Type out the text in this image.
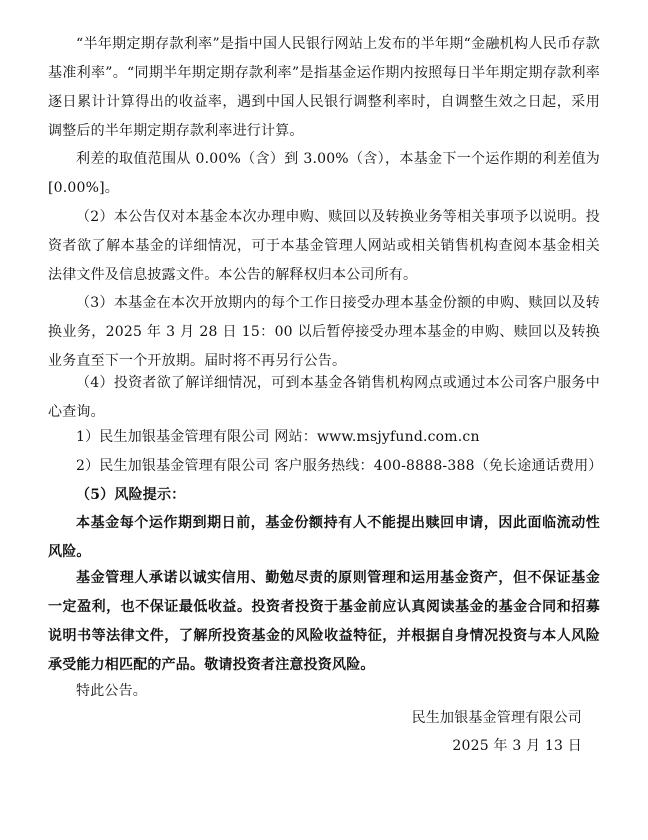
“半年期定期存款利率”是指中国人民银行网站上发布的半年期“金融机构人民币存款基准利率”。“同期半年期定期存款利率”是指基金运作期内按照每日半年期定期存款利率逐日累计计算得出的收益率，遇到中国人民银行调整利率时，自调整生效之日起，采用调整后的半年期定期存款利率进行计算。

利差的取值范围从 0.00%（含）到 3.00%（含），本基金下一个运作期的利差值为[0.00%]。

（2）本公告仅对本基金本次办理申购、赎回以及转换业务等相关事项予以说明。投资者欲了解本基金的详细情况，可于本基金管理人网站或相关销售机构查阅本基金相关法律文件及信息披露文件。本公告的解释权归本公司所有。

（3）本基金在本次开放期内的每个工作日接受办理本基金份额的申购、赎回以及转换业务，2025 年 3 月 28 日 15：00 以后暂停接受办理本基金的申购、赎回以及转换业务直至下一个开放期。届时将不再另行公告。

（4）投资者欲了解详细情况，可到本基金各销售机构网点或通过本公司客户服务中心查询。

1）民生加银基金管理有限公司 网站：www.msjyfund.com.cn

2）民生加银基金管理有限公司 客户服务热线：400-8888-388（免长途通话费用）

（5）风险提示：

本基金每个运作期到期日前，基金份额持有人不能提出赎回申请，因此面临流动性风险。

基金管理人承诺以诚实信用、勤勉尽责的原则管理和运用基金资产，但不保证基金一定盈利，也不保证最低收益。投资者投资于基金前应认真阅读基金的基金合同和招募说明书等法律文件，了解所投资基金的风险收益特征，并根据自身情况投资与本人风险承受能力相匹配的产品。敬请投资者注意投资风险。

特此公告。

民生加银基金管理有限公司
2025 年 3 月 13 日
